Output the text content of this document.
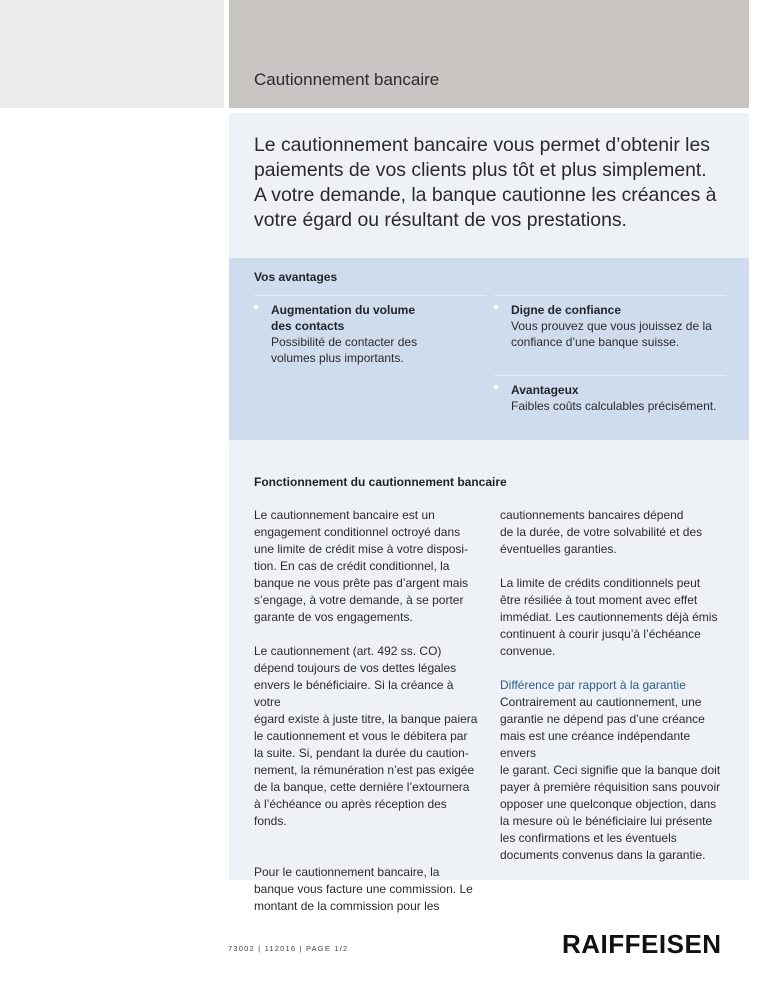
Cautionnement bancaire
Le cautionnement bancaire vous permet d’obtenir les
paiements de vos clients plus tôt et plus simplement.
A votre demande, la banque cautionne les créances à
votre égard ou résultant de vos prestations.
Vos avantages
Augmentation du volume
des contacts
Possibilité de contacter des
volumes plus importants.
Digne de confiance
Vous prouvez que vous jouissez de la
confiance d’une banque suisse.
Avantageux
Faibles coûts calculables précisément.
Fonctionnement du cautionnement bancaire

Le cautionnement bancaire est un
engagement conditionnel octroyé dans
une limite de crédit mise à votre disposi-
tion. En cas de crédit conditionnel, la
banque ne vous prête pas d’argent mais
s’engage, à votre demande, à se porter
garante de vos engagements.

Le cautionnement (art. 492 ss. CO)
dépend toujours de vos dettes légales
envers le bénéficiaire. Si la créance à votre
égard existe à juste titre, la banque paiera
le cautionnement et vous le débitera par
la suite. Si, pendant la durée du caution-
nement, la rémunération n’est pas exigée
de la banque, cette dernière l’extournera
à l’échéance ou après réception des
fonds.

Pour le cautionnement bancaire, la
banque vous facture une commission. Le
montant de la commission pour les

cautionnements bancaires dépend
de la durée, de votre solvabilité et des
éventuelles garanties.

La limite de crédits conditionnels peut
être résiliée à tout moment avec effet
immédiat. Les cautionnements déjà émis
continuent à courir jusqu’à l’échéance
convenue.

Différence par rapport à la garantie
Contrairement au cautionnement, une
garantie ne dépend pas d’une créance
mais est une créance indépendante envers
le garant. Ceci signifie que la banque doit
payer à première réquisition sans pouvoir
opposer une quelconque objection, dans
la mesure où le bénéficiaire lui présente
les confirmations et les éventuels
documents convenus dans la garantie.

73002 | 112016 | PAGE 1/2	RAIFFEISEN
